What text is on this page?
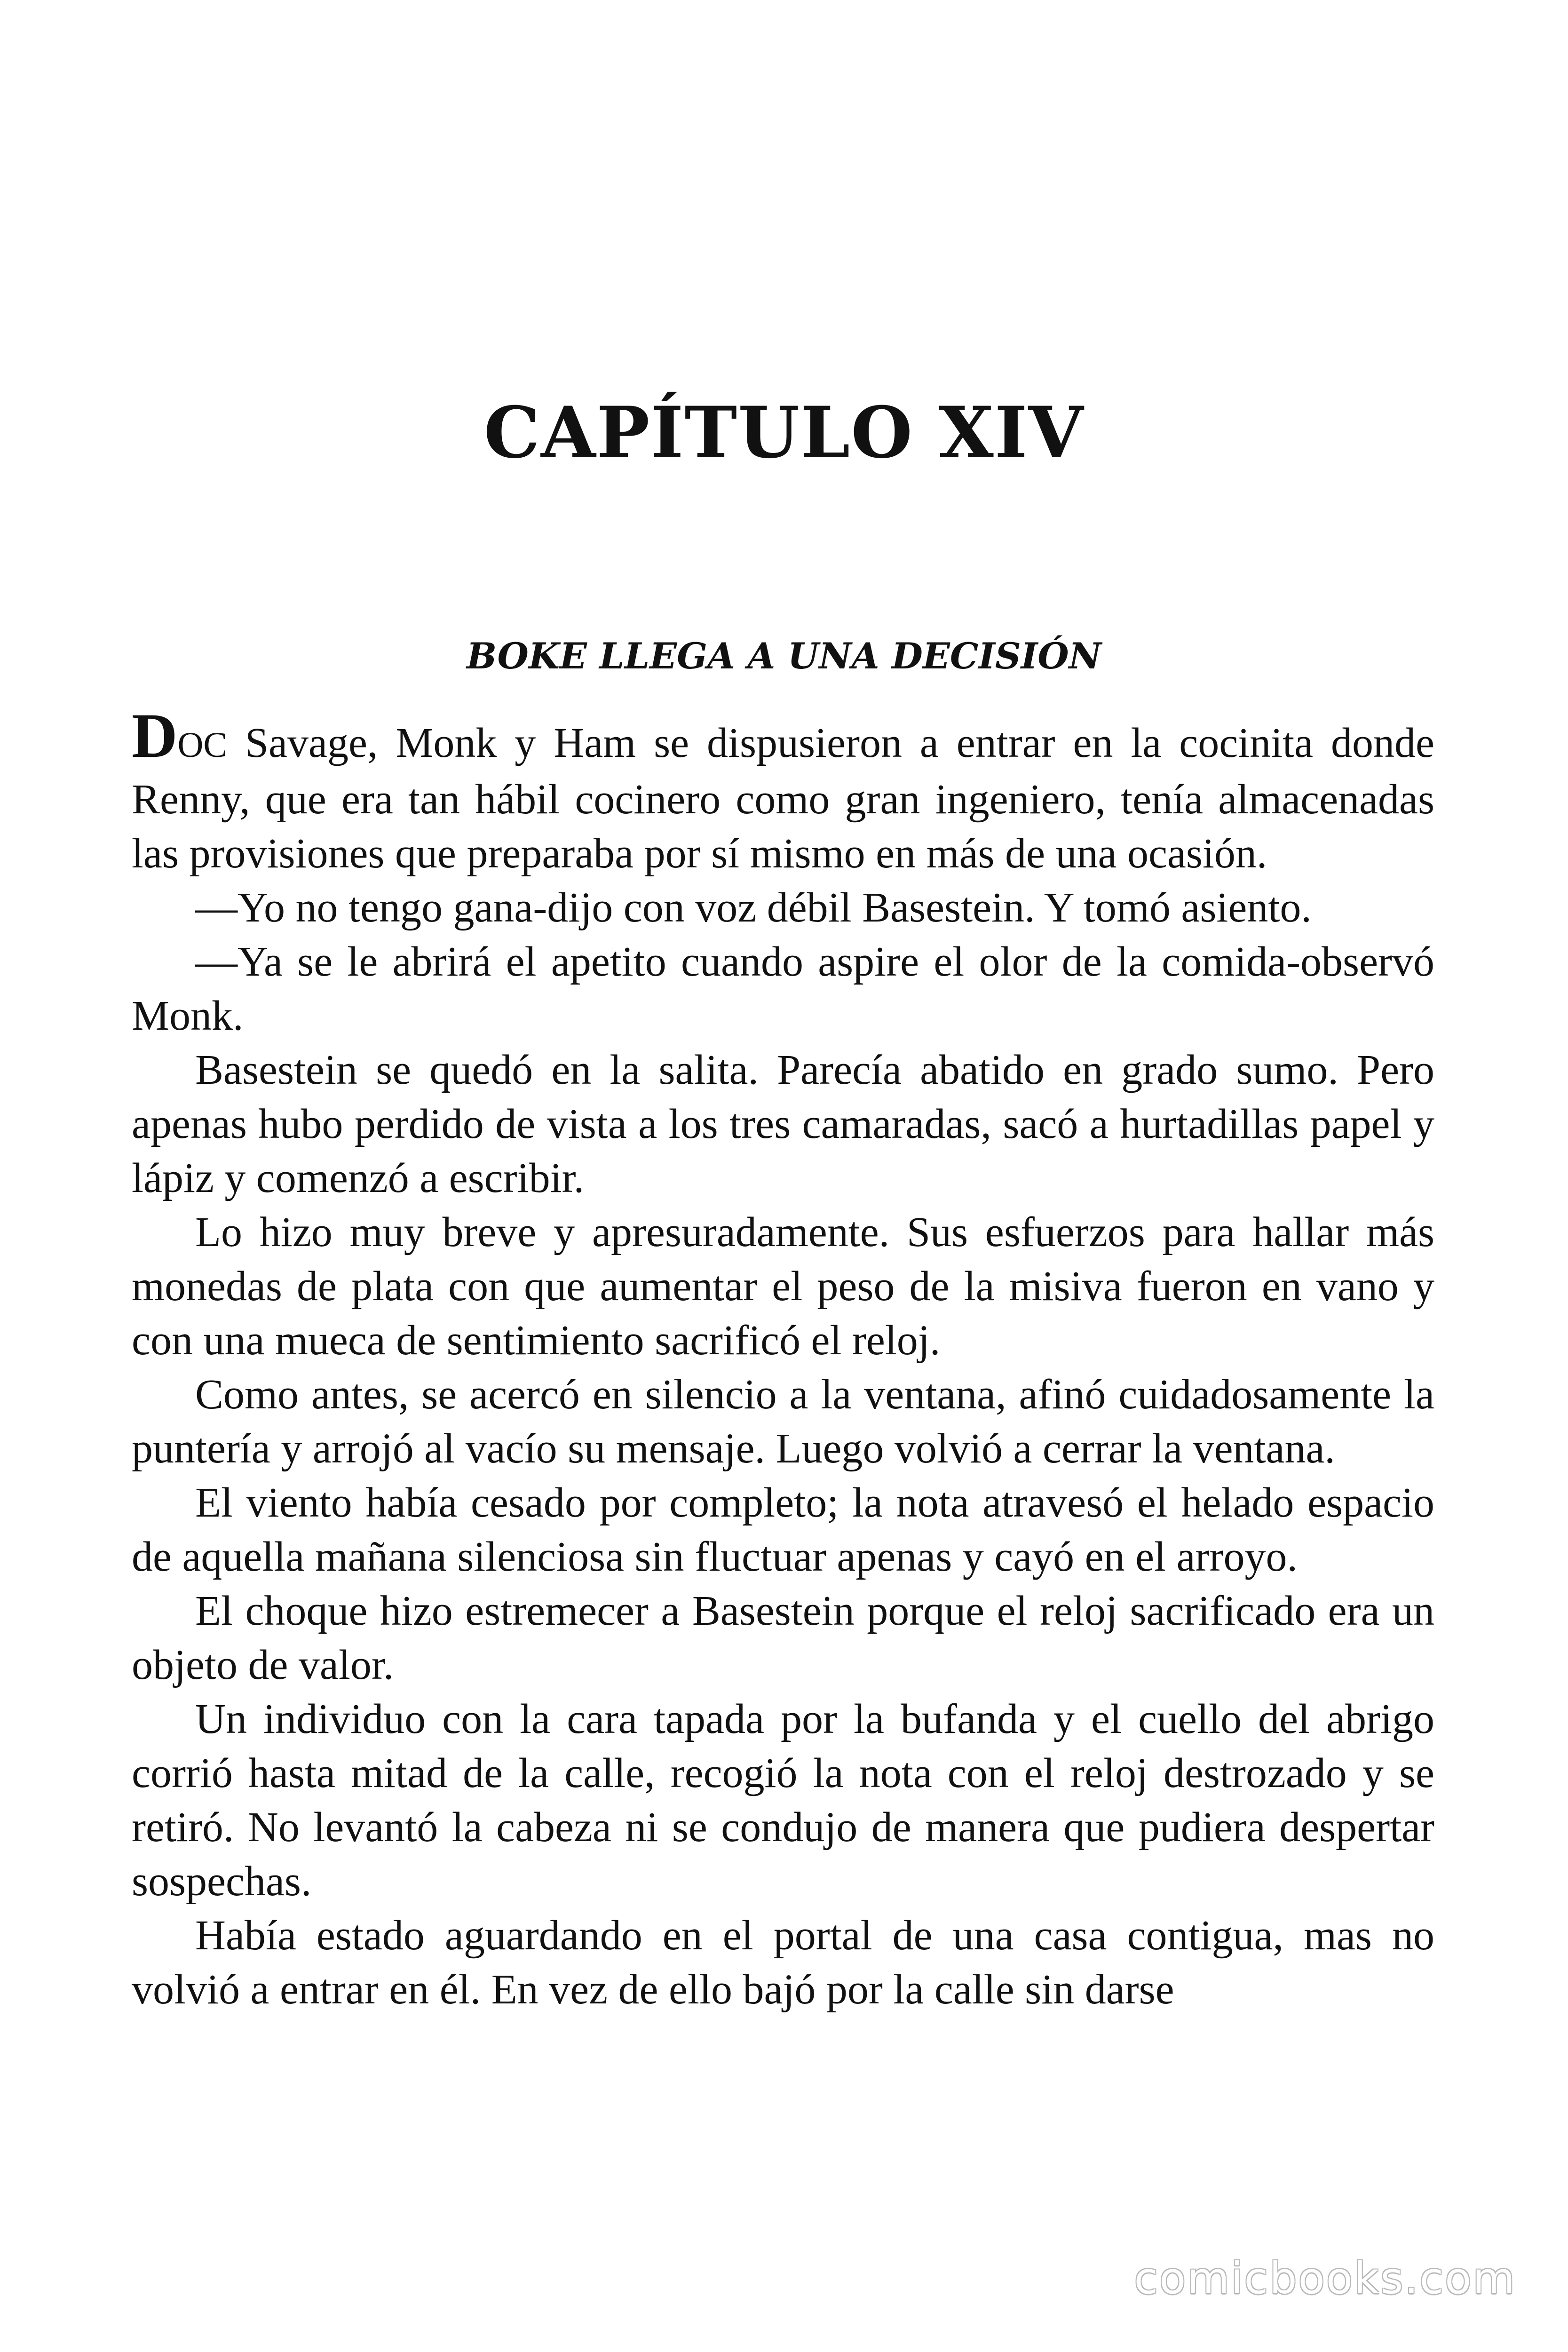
CAPÍTULO XIV
BOKE LLEGA A UNA DECISIÓN

DOC Savage, Monk y Ham se dispusieron a entrar en la cocinita donde Renny, que era tan hábil cocinero como gran ingeniero, tenía almacenadas las provisiones que preparaba por sí mismo en más de una ocasión.

—Yo no tengo gana-dijo con voz débil Basestein. Y tomó asiento.

—Ya se le abrirá el apetito cuando aspire el olor de la comida-observó Monk.

Basestein se quedó en la salita. Parecía abatido en grado sumo. Pero apenas hubo perdido de vista a los tres camaradas, sacó a hurtadillas papel y lápiz y comenzó a escribir.

Lo hizo muy breve y apresuradamente. Sus esfuerzos para hallar más monedas de plata con que aumentar el peso de la misiva fueron en vano y con una mueca de sentimiento sacrificó el reloj.

Como antes, se acercó en silencio a la ventana, afinó cuidadosamente la puntería y arrojó al vacío su mensaje. Luego volvió a cerrar la ventana.

El viento había cesado por completo; la nota atravesó el helado espacio de aquella mañana silenciosa sin fluctuar apenas y cayó en el arroyo.

El choque hizo estremecer a Basestein porque el reloj sacrificado era un objeto de valor.

Un individuo con la cara tapada por la bufanda y el cuello del abrigo corrió hasta mitad de la calle, recogió la nota con el reloj destrozado y se retiró. No levantó la cabeza ni se condujo de manera que pudiera despertar sospechas.

Había estado aguardando en el portal de una casa contigua, mas no volvió a entrar en él. En vez de ello bajó por la calle sin darse

comicbooks.com
